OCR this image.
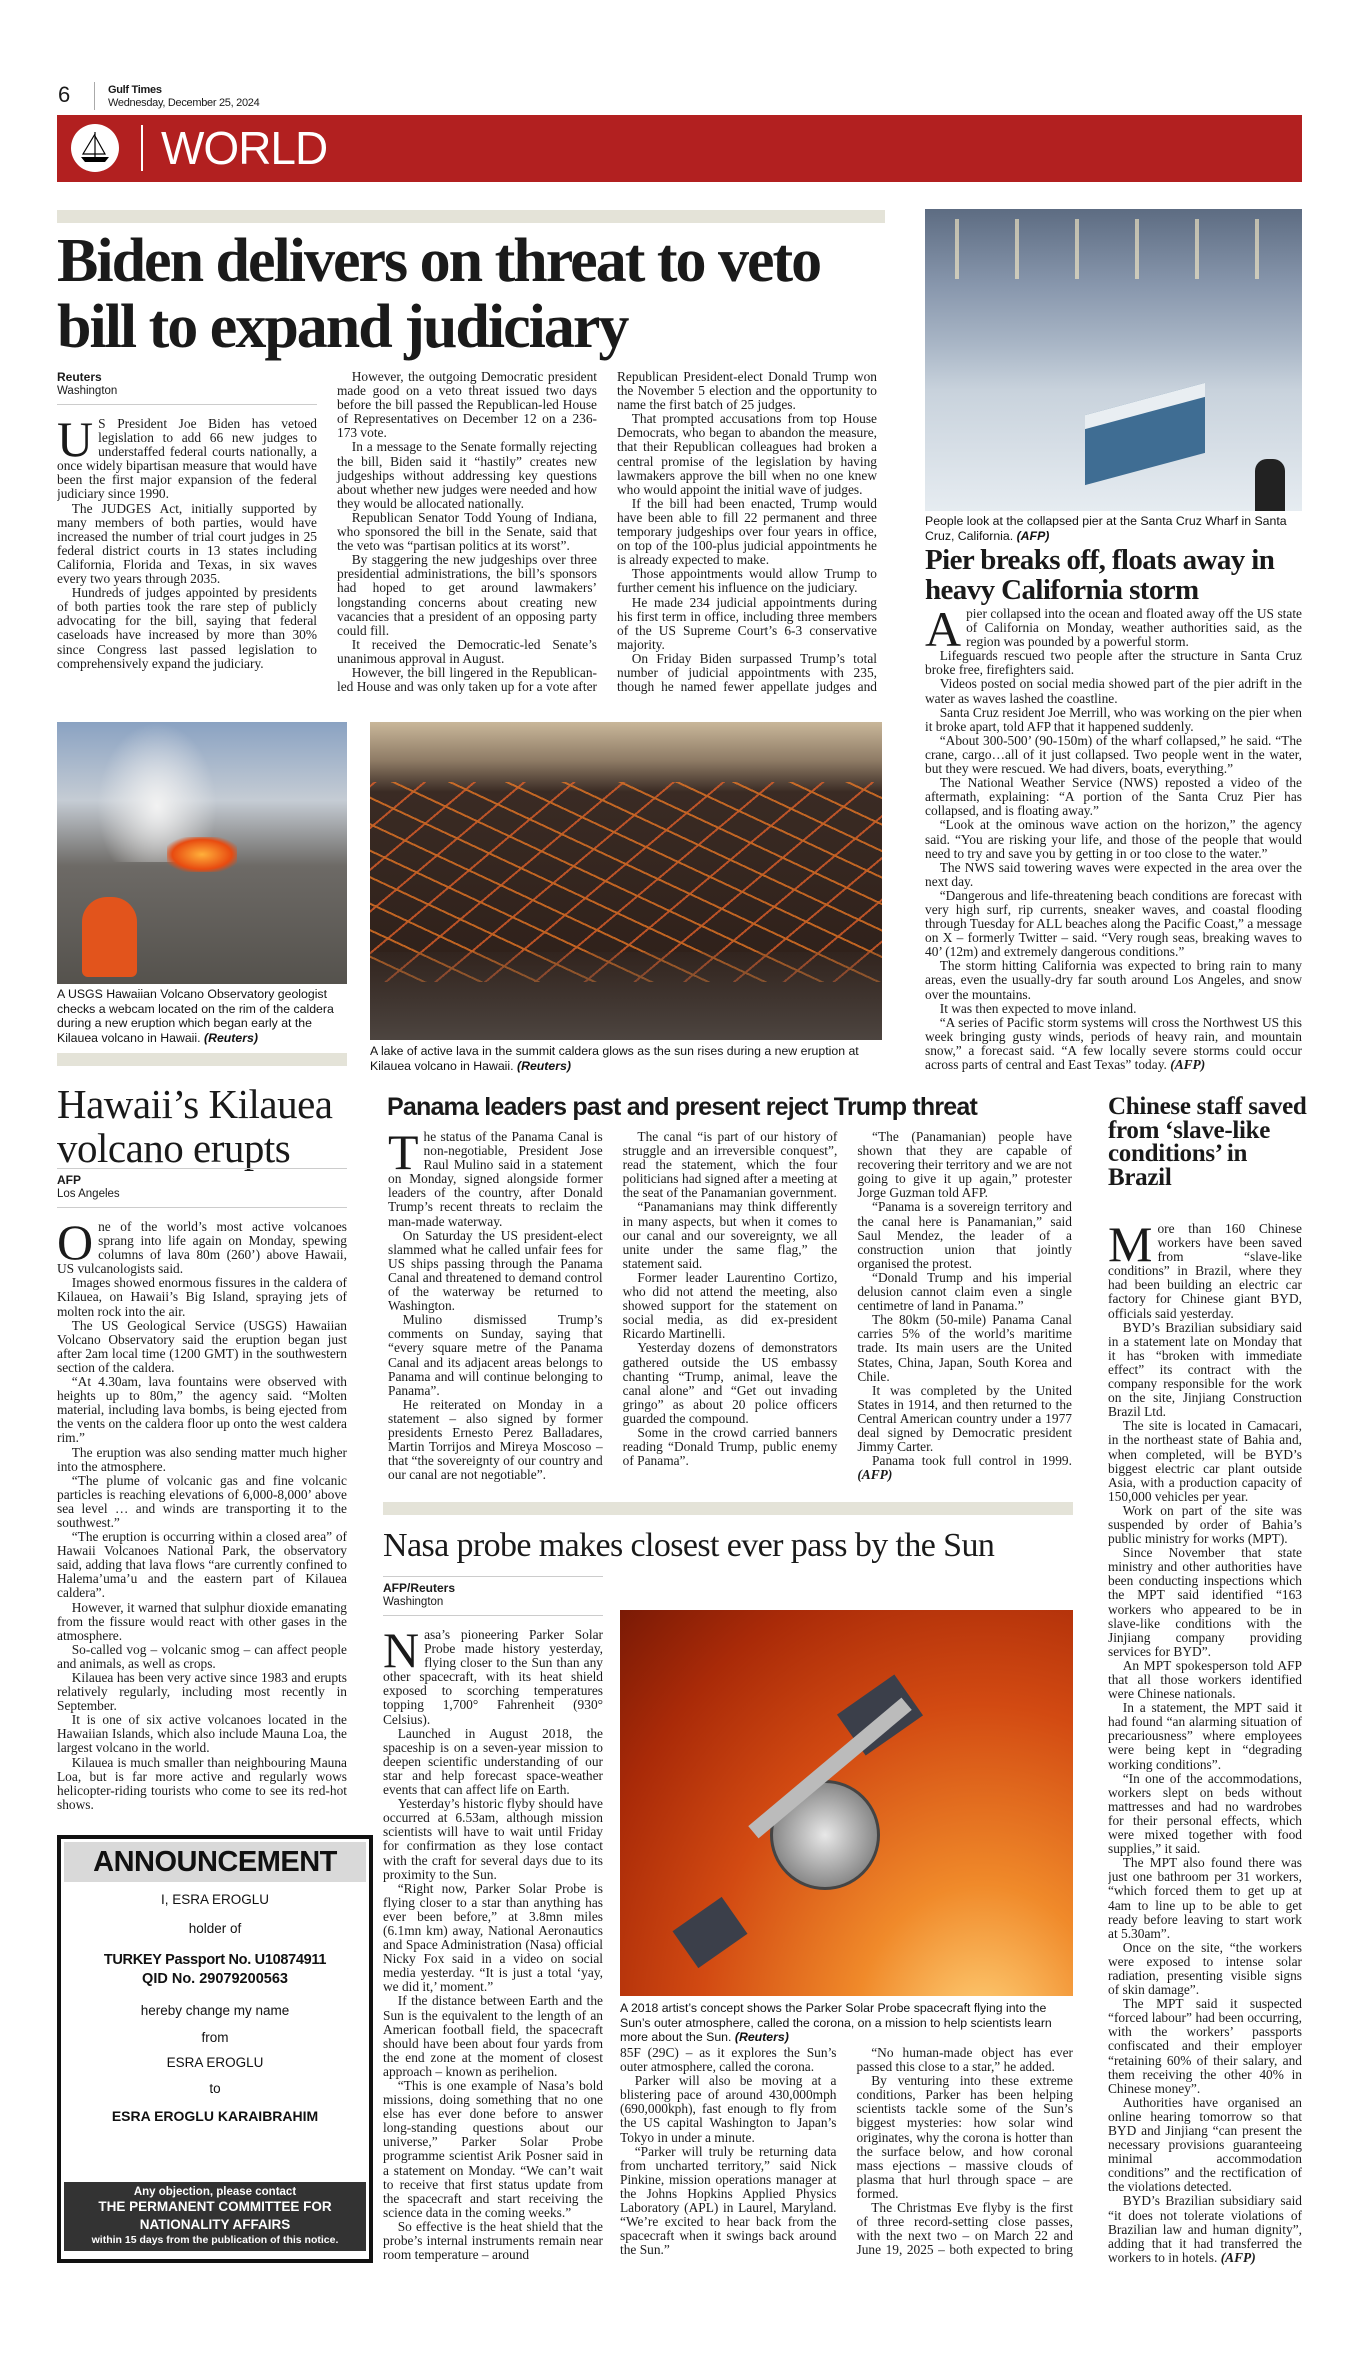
6	Gulf Times
Wednesday, December 25, 2024
WORLD
Biden delivers on threat to veto bill to expand judiciary
Reuters
Washington

US President Joe Biden has vetoed legislation to add 66 new judges to understaffed federal courts nationally, a once widely bipartisan measure that would have been the first major expansion of the federal judiciary since 1990.

The JUDGES Act, initially supported by many members of both parties, would have increased the number of trial court judges in 25 federal district courts in 13 states including California, Florida and Texas, in six waves every two years through 2035.

Hundreds of judges appointed by presidents of both parties took the rare step of publicly advocating for the bill, saying that federal caseloads have increased by more than 30% since Congress last passed legislation to comprehensively expand the judiciary.

However, the outgoing Democratic president made good on a veto threat issued two days before the bill passed the Republican-led House of Representatives on December 12 on a 236-173 vote.

In a message to the Senate formally rejecting the bill, Biden said it “hastily” creates new judgeships without addressing key questions about whether new judges were needed and how they would be allocated nationally.

Republican Senator Todd Young of Indiana, who sponsored the bill in the Senate, said that the veto was “partisan politics at its worst”.

By staggering the new judgeships over three presidential administrations, the bill’s sponsors had hoped to get around lawmakers’ longstanding concerns about creating new vacancies that a president of an opposing party could fill.

It received the Democratic-led Senate’s unanimous approval in August.

However, the bill lingered in the Republican-led House and was only taken up for a vote after Republican President-elect Donald Trump won the November 5 election and the opportunity to name the first batch of 25 judges.

That prompted accusations from top House Democrats, who began to abandon the measure, that their Republican colleagues had broken a central promise of the legislation by having lawmakers approve the bill when no one knew who would appoint the initial wave of judges.

If the bill had been enacted, Trump would have been able to fill 22 permanent and three temporary judgeships over four years in office, on top of the 100-plus judicial appointments he is already expected to make.

Those appointments would allow Trump to further cement his influence on the judiciary.

He made 234 judicial appointments during his first term in office, including three members of the US Supreme Court’s 6-3 conservative majority.

On Friday Biden surpassed Trump’s total number of judicial appointments with 235, though he named fewer appellate judges and

People look at the collapsed pier at the Santa Cruz Wharf in Santa Cruz, California. (AFP)
Pier breaks off, floats away in heavy California storm

Apier collapsed into the ocean and floated away off the US state of California on Monday, weather authorities said, as the region was pounded by a powerful storm.

Lifeguards rescued two people after the structure in Santa Cruz broke free, firefighters said.

Videos posted on social media showed part of the pier adrift in the water as waves lashed the coastline.

Santa Cruz resident Joe Merrill, who was working on the pier when it broke apart, told AFP that it happened suddenly.

“About 300-500’ (90-150m) of the wharf collapsed,” he said. “The crane, cargo…all of it just collapsed. Two people went in the water, but they were rescued. We had divers, boats, everything.”

The National Weather Service (NWS) reposted a video of the aftermath, explaining: “A portion of the Santa Cruz Pier has collapsed, and is floating away.”

“Look at the ominous wave action on the horizon,” the agency said. “You are risking your life, and those of the people that would need to try and save you by getting in or too close to the water.”

The NWS said towering waves were expected in the area over the next day.

“Dangerous and life-threatening beach conditions are forecast with very high surf, rip currents, sneaker waves, and coastal flooding through Tuesday for ALL beaches along the Pacific Coast,” a message on X – formerly Twitter – said. “Very rough seas, breaking waves to 40’ (12m) and extremely dangerous conditions.”

The storm hitting California was expected to bring rain to many areas, even the usually-dry far south around Los Angeles, and snow over the mountains.

It was then expected to move inland.

“A series of Pacific storm systems will cross the Northwest US this week bringing gusty winds, periods of heavy rain, and mountain snow,” a forecast said. “A few locally severe storms could occur across parts of central and East Texas” today. (AFP)

A USGS Hawaiian Volcano Observatory geologist checks a webcam located on the rim of the caldera during a new eruption which began early at the Kilauea volcano in Hawaii. (Reuters)
A lake of active lava in the summit caldera glows as the sun rises during a new eruption at Kilauea volcano in Hawaii. (Reuters)
Hawaii’s Kilauea volcano erupts
AFP
Los Angeles

One of the world’s most active volcanoes sprang into life again on Monday, spewing columns of lava 80m (260’) above Hawaii, US vulcanologists said.

Images showed enormous fissures in the caldera of Kilauea, on Hawaii’s Big Island, spraying jets of molten rock into the air.

The US Geological Service (USGS) Hawaiian Volcano Observatory said the eruption began just after 2am local time (1200 GMT) in the southwestern section of the caldera.

“At 4.30am, lava fountains were observed with heights up to 80m,” the agency said. “Molten material, including lava bombs, is being ejected from the vents on the caldera floor up onto the west caldera rim.”

The eruption was also sending matter much higher into the atmosphere.

“The plume of volcanic gas and fine volcanic particles is reaching elevations of 6,000-8,000’ above sea level … and winds are transporting it to the southwest.”

“The eruption is occurring within a closed area” of Hawaii Volcanoes National Park, the observatory said, adding that lava flows “are currently confined to Halema’uma’u and the eastern part of Kilauea caldera”.

However, it warned that sulphur dioxide emanating from the fissure would react with other gases in the atmosphere.

So-called vog – volcanic smog – can affect people and animals, as well as crops.

Kilauea has been very active since 1983 and erupts relatively regularly, including most recently in September.

It is one of six active volcanoes located in the Hawaiian Islands, which also include Mauna Loa, the largest volcano in the world.

Kilauea is much smaller than neighbouring Mauna Loa, but is far more active and regularly wows helicopter-riding tourists who come to see its red-hot shows.

Panama leaders past and present reject Trump threat

The status of the Panama Canal is non-negotiable, President Jose Raul Mulino said in a statement on Monday, signed alongside former leaders of the country, after Donald Trump’s recent threats to reclaim the man-made waterway.

On Saturday the US president-elect slammed what he called unfair fees for US ships passing through the Panama Canal and threatened to demand control of the waterway be returned to Washington.

Mulino dismissed Trump’s comments on Sunday, saying that “every square metre of the Panama Canal and its adjacent areas belongs to Panama and will continue belonging to Panama”.

He reiterated on Monday in a statement – also signed by former presidents Ernesto Perez Balladares, Martin Torrijos and Mireya Moscoso – that “the sovereignty of our country and our canal are not negotiable”.

The canal “is part of our history of struggle and an irreversible conquest”, read the statement, which the four politicians had signed after a meeting at the seat of the Panamanian government.

“Panamanians may think differently in many aspects, but when it comes to our canal and our sovereignty, we all unite under the same flag,” the statement said.

Former leader Laurentino Cortizo, who did not attend the meeting, also showed support for the statement on social media, as did ex-president Ricardo Martinelli.

Yesterday dozens of demonstrators gathered outside the US embassy chanting “Trump, animal, leave the canal alone” and “Get out invading gringo” as about 20 police officers guarded the compound.

Some in the crowd carried banners reading “Donald Trump, public enemy of Panama”.

“The (Panamanian) people have shown that they are capable of recovering their territory and we are not going to give it up again,” protester Jorge Guzman told AFP.

“Panama is a sovereign territory and the canal here is Panamanian,” said Saul Mendez, the leader of a construction union that jointly organised the protest.

“Donald Trump and his imperial delusion cannot claim even a single centimetre of land in Panama.”

The 80km (50-mile) Panama Canal carries 5% of the world’s maritime trade. Its main users are the United States, China, Japan, South Korea and Chile.

It was completed by the United States in 1914, and then returned to the Central American country under a 1977 deal signed by Democratic president Jimmy Carter.

Panama took full control in 1999. (AFP)

Chinese staff saved from ‘slave-like conditions’ in Brazil

More than 160 Chinese workers have been saved from “slave-like conditions” in Brazil, where they had been building an electric car factory for Chinese giant BYD, officials said yesterday.

BYD’s Brazilian subsidiary said in a statement late on Monday that it has “broken with immediate effect” its contract with the company responsible for the work on the site, Jinjiang Construction Brazil Ltd.

The site is located in Camacari, in the northeast state of Bahia and, when completed, will be BYD’s biggest electric car plant outside Asia, with a production capacity of 150,000 vehicles per year.

Work on part of the site was suspended by order of Bahia’s public ministry for works (MPT).

Since November that state ministry and other authorities have been conducting inspections which the MPT said identified “163 workers who appeared to be in slave-like conditions with the Jinjiang company providing services for BYD”.

An MPT spokesperson told AFP that all those workers identified were Chinese nationals.

In a statement, the MPT said it had found “an alarming situation of precariousness” where employees were being kept in “degrading working conditions”.

“In one of the accommodations, workers slept on beds without mattresses and had no wardrobes for their personal effects, which were mixed together with food supplies,” it said.

The MPT also found there was just one bathroom per 31 workers, “which forced them to get up at 4am to line up to be able to get ready before leaving to start work at 5.30am”.

Once on the site, “the workers were exposed to intense solar radiation, presenting visible signs of skin damage”.

The MPT said it suspected “forced labour” had been occurring, with the workers’ passports confiscated and their employer “retaining 60% of their salary, and them receiving the other 40% in Chinese money”.

Authorities have organised an online hearing tomorrow so that BYD and Jinjiang “can present the necessary provisions guaranteeing minimal accommodation conditions” and the rectification of the violations detected.

BYD’s Brazilian subsidiary said “it does not tolerate violations of Brazilian law and human dignity”, adding that it had transferred the workers to in hotels. (AFP)

Nasa probe makes closest ever pass by the Sun
AFP/Reuters
Washington

Nasa’s pioneering Parker Solar Probe made history yesterday, flying closer to the Sun than any other spacecraft, with its heat shield exposed to scorching temperatures topping 1,700° Fahrenheit (930° Celsius).

Launched in August 2018, the spaceship is on a seven-year mission to deepen scientific understanding of our star and help forecast space-weather events that can affect life on Earth.

Yesterday’s historic flyby should have occurred at 6.53am, although mission scientists will have to wait until Friday for confirmation as they lose contact with the craft for several days due to its proximity to the Sun.

“Right now, Parker Solar Probe is flying closer to a star than anything has ever been before,” at 3.8mn miles (6.1mn km) away, National Aeronautics and Space Administration (Nasa) official Nicky Fox said in a video on social media yesterday. “It is just a total ‘yay, we did it,’ moment.”

If the distance between Earth and the Sun is the equivalent to the length of an American football field, the spacecraft should have been about four yards from the end zone at the moment of closest approach – known as perihelion.

“This is one example of Nasa’s bold missions, doing something that no one else has ever done before to answer long-standing questions about our universe,” Parker Solar Probe programme scientist Arik Posner said in a statement on Monday. “We can’t wait to receive that first status update from the spacecraft and start receiving the science data in the coming weeks.”

So effective is the heat shield that the probe’s internal instruments remain near room temperature – around

A 2018 artist’s concept shows the Parker Solar Probe spacecraft flying into the Sun’s outer atmosphere, called the corona, on a mission to help scientists learn more about the Sun. (Reuters)

85F (29C) – as it explores the Sun’s outer atmosphere, called the corona.

Parker will also be moving at a blistering pace of around 430,000mph (690,000kph), fast enough to fly from the US capital Washington to Japan’s Tokyo in under a minute.

“Parker will truly be returning data from uncharted territory,” said Nick Pinkine, mission operations manager at the Johns Hopkins Applied Physics Laboratory (APL) in Laurel, Maryland. “We’re excited to hear back from the spacecraft when it swings back around the Sun.”

“No human-made object has ever passed this close to a star,” he added.

By venturing into these extreme conditions, Parker has been helping scientists tackle some of the Sun’s biggest mysteries: how solar wind originates, why the corona is hotter than the surface below, and how coronal mass ejections – massive clouds of plasma that hurl through space – are formed.

The Christmas Eve flyby is the first of three record-setting close passes, with the next two – on March 22 and June 19, 2025 – both expected to bring

ANNOUNCEMENT
I, ESRA EROGLU
holder of
TURKEY Passport No. U10874911
QID No. 29079200563
hereby change my name
from
ESRA EROGLU
to
ESRA EROGLU KARAIBRAHIM
Any objection, please contact
THE PERMANENT COMMITTEE FOR NATIONALITY AFFAIRS
within 15 days from the publication of this notice.
